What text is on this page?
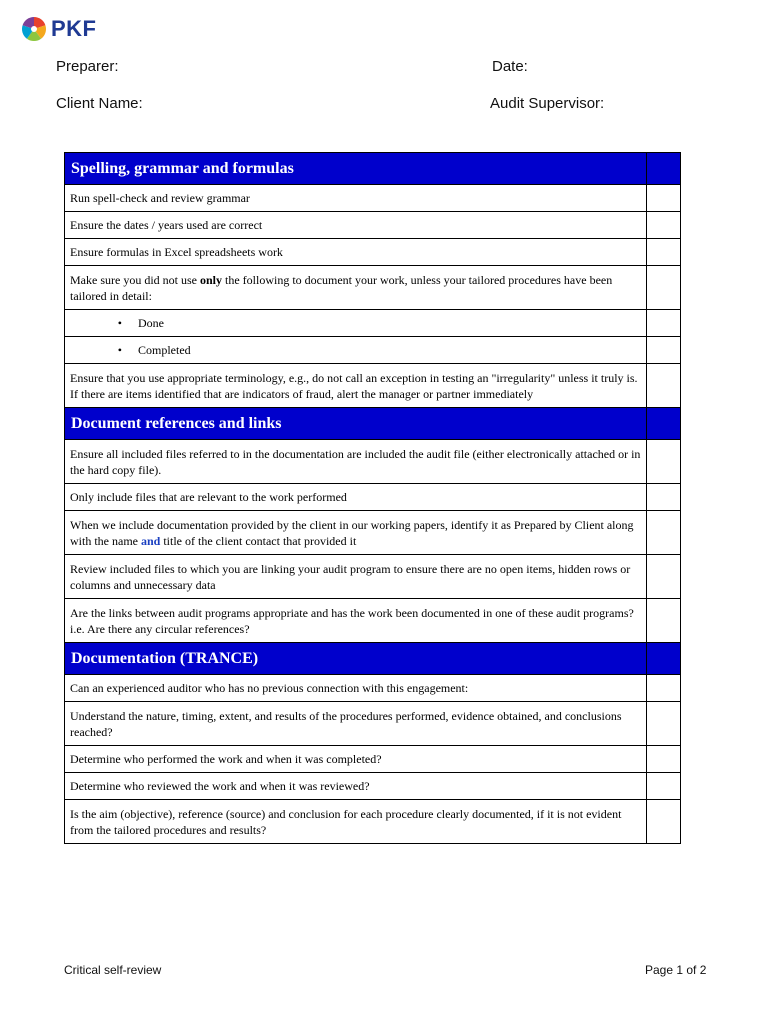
PKF
Preparer:	Date:
Client Name:	Audit Supervisor:
Spelling, grammar and formulas	
Run spell-check and review grammar	
Ensure the dates / years used are correct	
Ensure formulas in Excel spreadsheets work	
Make sure you did not use only the following to document your work, unless your tailored procedures have been tailored in detail:	
• Done	
• Completed	
Ensure that you use appropriate terminology, e.g., do not call an exception in testing an "irregularity" unless it truly is. If there are items identified that are indicators of fraud, alert the manager or partner immediately	
Document references and links	
Ensure all included files referred to in the documentation are included the audit file (either electronically attached or in the hard copy file).	
Only include files that are relevant to the work performed	
When we include documentation provided by the client in our working papers, identify it as Prepared by Client along with the name and title of the client contact that provided it	
Review included files to which you are linking your audit program to ensure there are no open items, hidden rows or columns and unnecessary data	
Are the links between audit programs appropriate and has the work been documented in one of these audit programs? i.e. Are there any circular references?	
Documentation (TRANCE)	
Can an experienced auditor who has no previous connection with this engagement:	
Understand the nature, timing, extent, and results of the procedures performed, evidence obtained, and conclusions reached?	
Determine who performed the work and when it was completed?	
Determine who reviewed the work and when it was reviewed?	
Is the aim (objective), reference (source) and conclusion for each procedure clearly documented, if it is not evident from the tailored procedures and results?	
Critical self-review	Page 1 of 2
